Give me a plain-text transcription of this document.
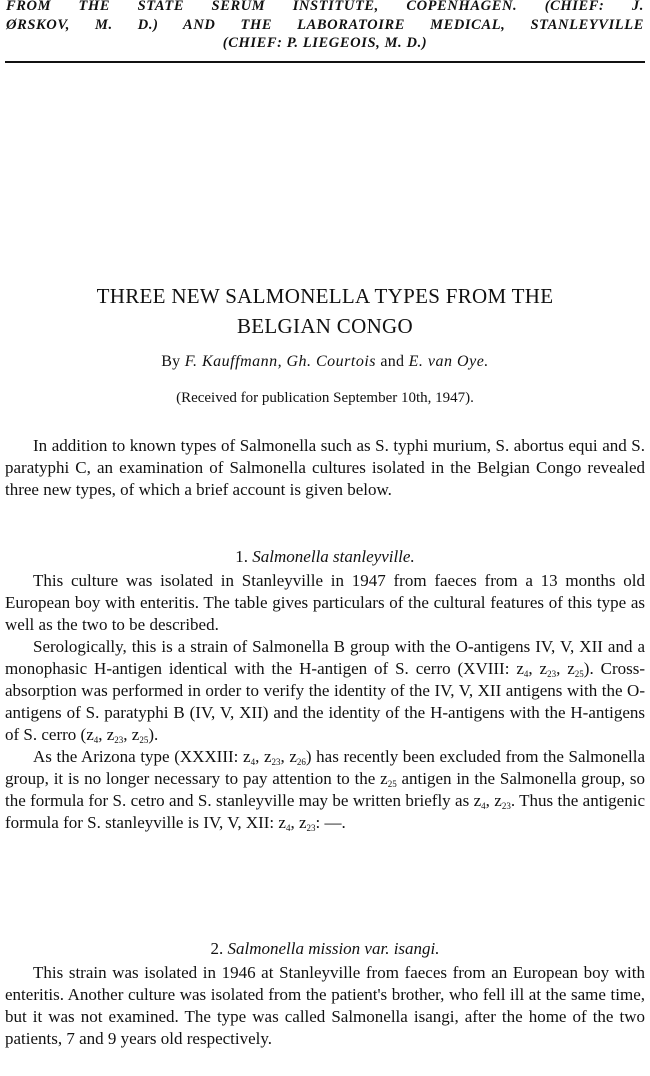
FROM THE STATE SERUM INSTITUTE, COPENHAGEN. (CHIEF: J.
ØRSKOV, M. D.) AND THE LABORATOIRE MEDICAL, STANLEYVILLE
(CHIEF: P. LIEGEOIS, M. D.)
THREE NEW SALMONELLA TYPES FROM THE
BELGIAN CONGO
By F. Kauffmann, Gh. Courtois and E. van Oye.
(Received for publication September 10th, 1947).

In addition to known types of Salmonella such as S. typhi murium, S. abortus equi and S. paratyphi C, an examination of Salmonella cultures isolated in the Belgian Congo revealed three new types, of which a brief account is given below.

1. Salmonella stanleyville.

This culture was isolated in Stanleyville in 1947 from faeces from a 13 months old European boy with enteritis. The table gives particulars of the cultural features of this type as well as the two to be described.

Serologically, this is a strain of Salmonella B group with the O-antigens IV, V, XII and a monophasic H-antigen identical with the H-antigen of S. cerro (XVIII: $z_4$, $z_{23}$, $z_{25}$). Cross-absorption was performed in order to verify the identity of the IV, V, XII antigens with the O-antigens of S. paratyphi B (IV, V, XII) and the identity of the H-antigens with the H-antigens of S. cerro ($z_4$, $z_{23}$, $z_{25}$).

As the Arizona type (XXXIII: $z_4$, $z_{23}$, $z_{26}$) has recently been excluded from the Salmonella group, it is no longer necessary to pay attention to the $z_{25}$ antigen in the Salmonella group, so the formula for S. cetro and S. stanleyville may be written briefly as $z_4$, $z_{23}$. Thus the antigenic formula for S. stanleyville is IV, V, XII: $z_4$, $z_{23}$: —.

2. Salmonella mission var. isangi.

This strain was isolated in 1946 at Stanleyville from faeces from an European boy with enteritis. Another culture was isolated from the patient's brother, who fell ill at the same time, but it was not examined. The type was called Salmonella isangi, after the home of the two patients, 7 and 9 years old respectively.
